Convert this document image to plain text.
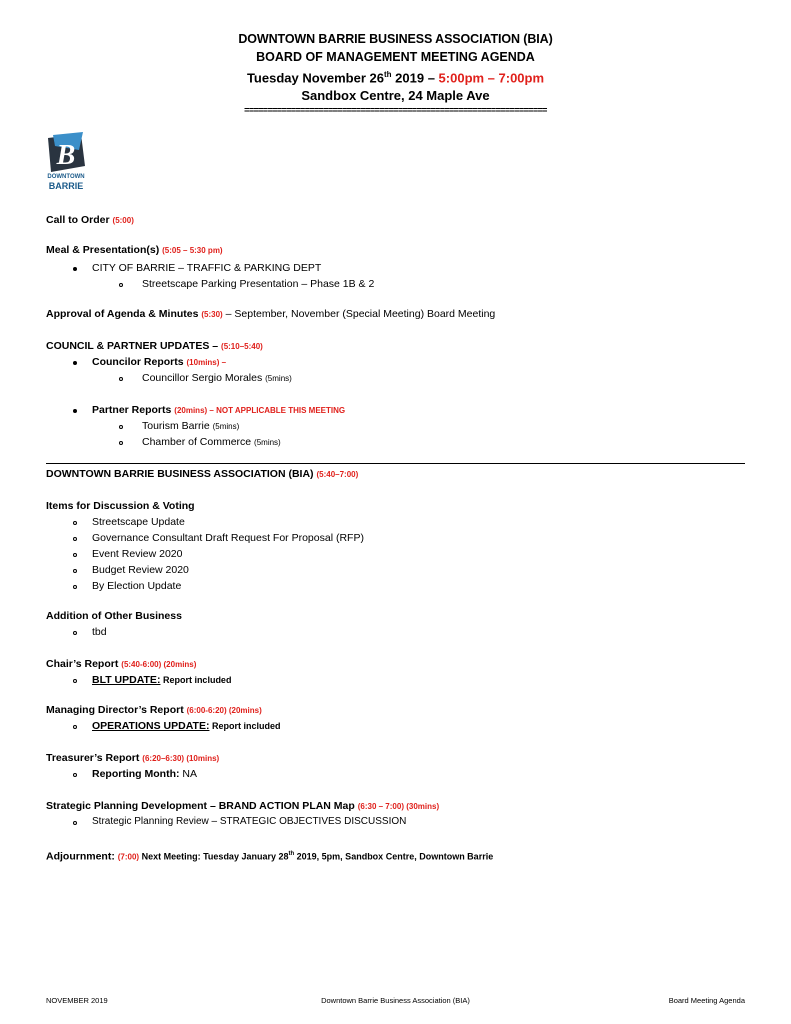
DOWNTOWN BARRIE BUSINESS ASSOCIATION (BIA)
BOARD OF MANAGEMENT MEETING AGENDA
Tuesday November 26th 2019 – 5:00pm – 7:00pm
Sandbox Centre, 24 Maple Ave
=================================================================
B
DOWNTOWN
BARRIE
Call to Order (5:00)
Meal & Presentation(s) (5:05 – 5:30 pm)
CITY OF BARRIE – TRAFFIC & PARKING DEPT
Streetscape Parking Presentation – Phase 1B & 2
Approval of Agenda & Minutes (5:30) – September, November (Special Meeting) Board Meeting
COUNCIL & PARTNER UPDATES – (5:10–5:40)
Councilor Reports (10mins) –
Councillor Sergio Morales (5mins)
Partner Reports (20mins) – NOT APPLICABLE THIS MEETING
Tourism Barrie (5mins)
Chamber of Commerce (5mins)
DOWNTOWN BARRIE BUSINESS ASSOCIATION (BIA) (5:40–7:00)
Items for Discussion & Voting
Streetscape Update
Governance Consultant Draft Request For Proposal (RFP)
Event Review 2020
Budget Review 2020
By Election Update
Addition of Other Business
tbd
Chair’s Report (5:40-6:00) (20mins)
BLT UPDATE: Report included
Managing Director’s Report (6:00-6:20) (20mins)
OPERATIONS UPDATE: Report included
Treasurer’s Report (6:20–6:30) (10mins)
Reporting Month: NA
Strategic Planning Development – BRAND ACTION PLAN Map (6:30 – 7:00) (30mins)
Strategic Planning Review – STRATEGIC OBJECTIVES DISCUSSION
Adjournment: (7:00) Next Meeting: Tuesday January 28th 2019, 5pm, Sandbox Centre, Downtown Barrie
NOVEMBER 2019	Downtown Barrie Business Association (BIA)	Board Meeting Agenda
